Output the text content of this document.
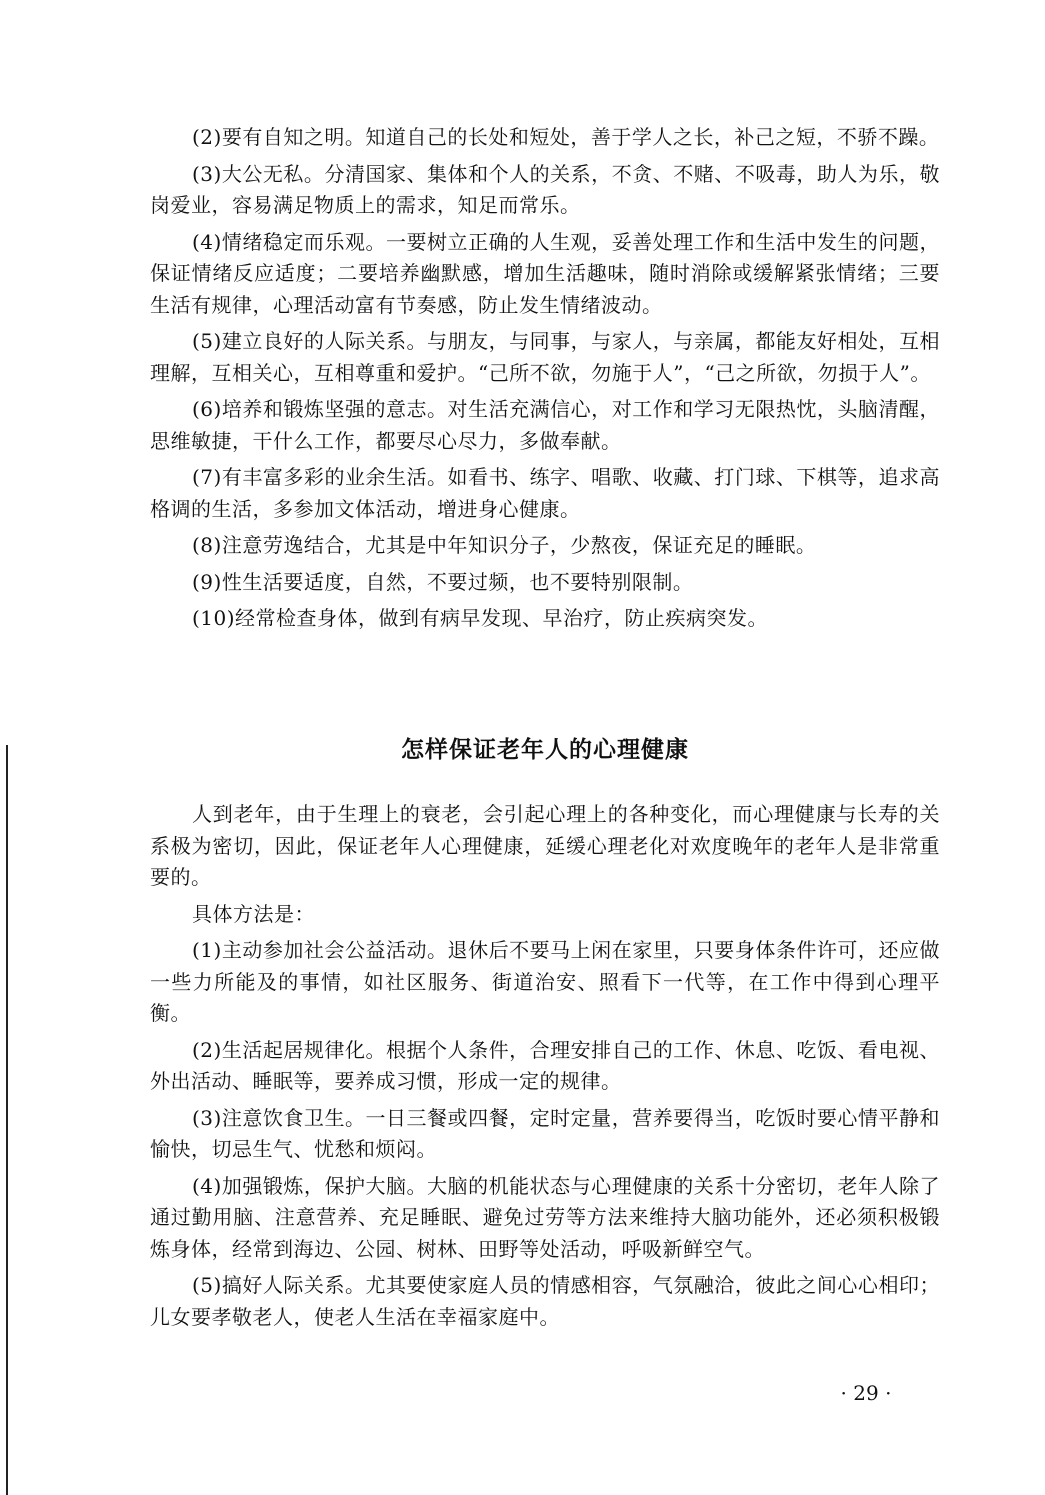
(2)要有自知之明。知道自己的长处和短处，善于学人之长，补己之短，不骄不躁。

(3)大公无私。分清国家、集体和个人的关系，不贪、不赌、不吸毒，助人为乐，敬岗爱业，容易满足物质上的需求，知足而常乐。

(4)情绪稳定而乐观。一要树立正确的人生观，妥善处理工作和生活中发生的问题，保证情绪反应适度；二要培养幽默感，增加生活趣味，随时消除或缓解紧张情绪；三要生活有规律，心理活动富有节奏感，防止发生情绪波动。

(5)建立良好的人际关系。与朋友，与同事，与家人，与亲属，都能友好相处，互相理解，互相关心，互相尊重和爱护。“己所不欲，勿施于人”，“己之所欲，勿损于人”。

(6)培养和锻炼坚强的意志。对生活充满信心，对工作和学习无限热忱，头脑清醒，思维敏捷，干什么工作，都要尽心尽力，多做奉献。

(7)有丰富多彩的业余生活。如看书、练字、唱歌、收藏、打门球、下棋等，追求高格调的生活，多参加文体活动，增进身心健康。

(8)注意劳逸结合，尤其是中年知识分子，少熬夜，保证充足的睡眠。

(9)性生活要适度，自然，不要过频，也不要特别限制。

(10)经常检查身体，做到有病早发现、早治疗，防止疾病突发。

怎样保证老年人的心理健康

人到老年，由于生理上的衰老，会引起心理上的各种变化，而心理健康与长寿的关系极为密切，因此，保证老年人心理健康，延缓心理老化对欢度晚年的老年人是非常重要的。

具体方法是：

(1)主动参加社会公益活动。退休后不要马上闲在家里，只要身体条件许可，还应做一些力所能及的事情，如社区服务、街道治安、照看下一代等，在工作中得到心理平衡。

(2)生活起居规律化。根据个人条件，合理安排自己的工作、休息、吃饭、看电视、外出活动、睡眠等，要养成习惯，形成一定的规律。

(3)注意饮食卫生。一日三餐或四餐，定时定量，营养要得当，吃饭时要心情平静和愉快，切忌生气、忧愁和烦闷。

(4)加强锻炼，保护大脑。大脑的机能状态与心理健康的关系十分密切，老年人除了通过勤用脑、注意营养、充足睡眠、避免过劳等方法来维持大脑功能外，还必须积极锻炼身体，经常到海边、公园、树林、田野等处活动，呼吸新鲜空气。

(5)搞好人际关系。尤其要使家庭人员的情感相容，气氛融洽，彼此之间心心相印；儿女要孝敬老人，使老人生活在幸福家庭中。

· 29 ·
